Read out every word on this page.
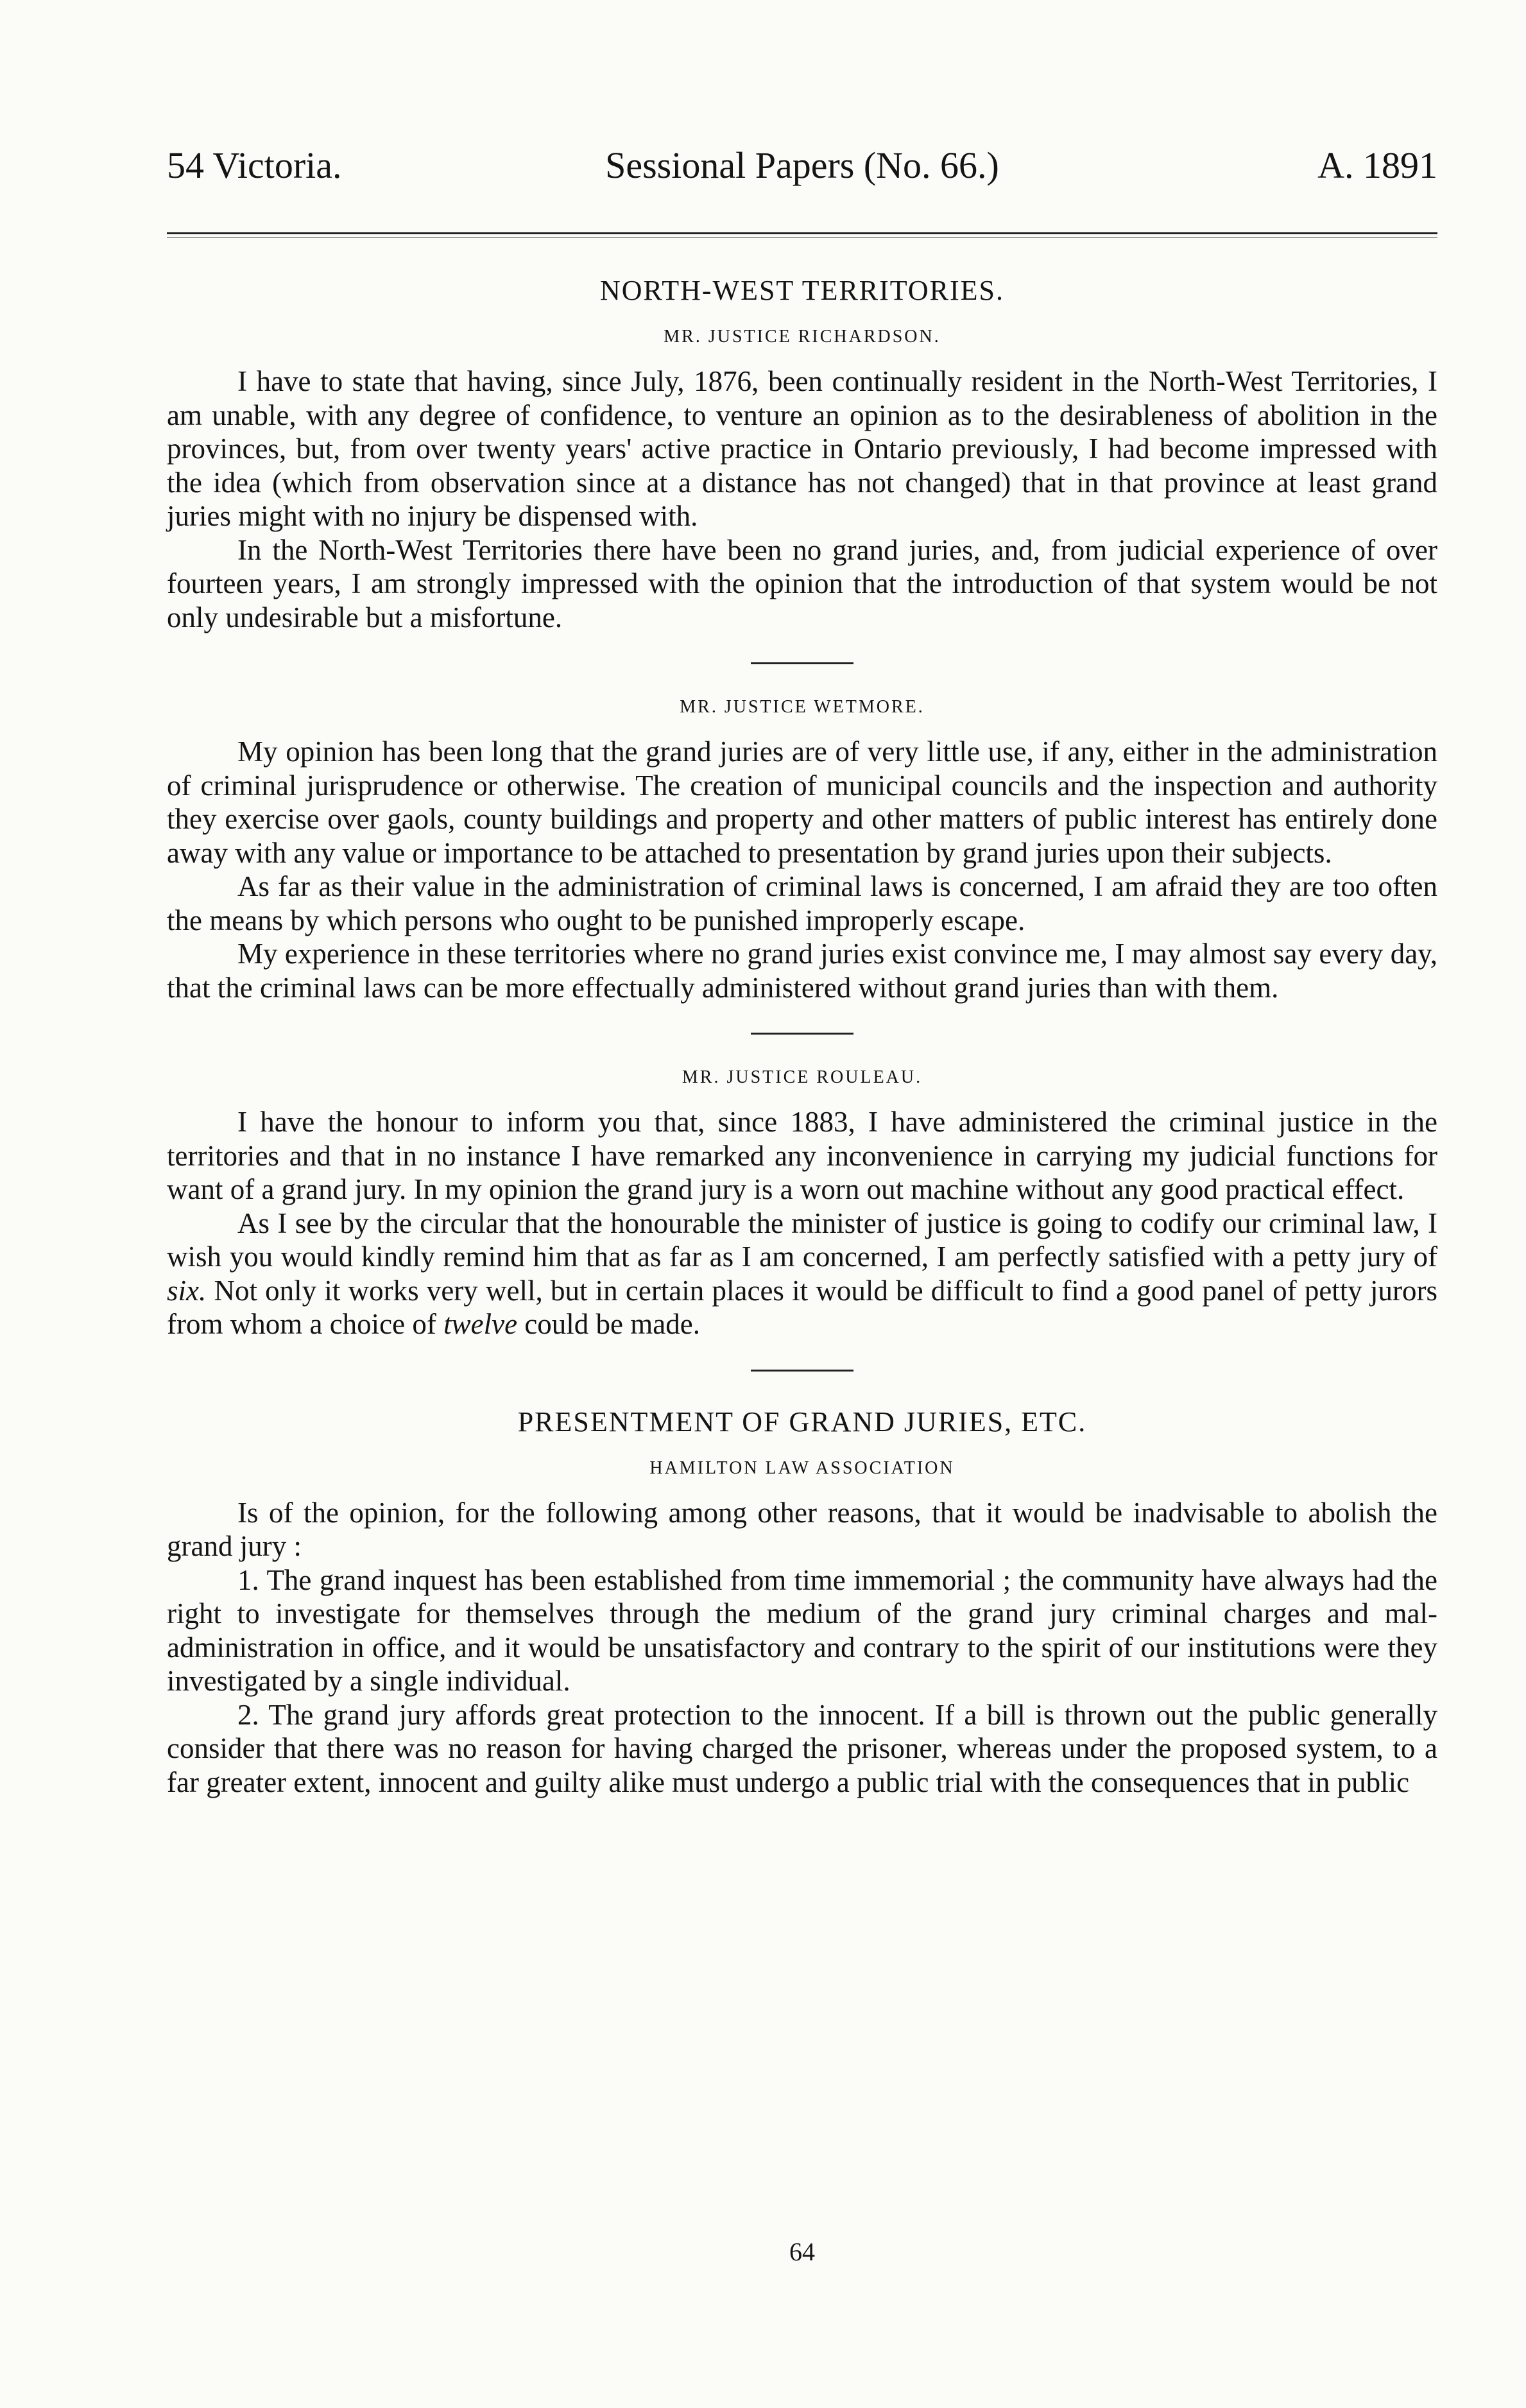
Sessional Papers (No. 66.)
54 Victoria.	A. 1891
NORTH-WEST TERRITORIES.
MR. JUSTICE RICHARDSON.

I have to state that having, since July, 1876, been continually resident in the North-West Territories, I am unable, with any degree of confidence, to venture an opinion as to the desirableness of abolition in the provinces, but, from over twenty years' active practice in Ontario previously, I had become impressed with the idea (which from observation since at a distance has not changed) that in that province at least grand juries might with no injury be dispensed with.

In the North-West Territories there have been no grand juries, and, from judicial experience of over fourteen years, I am strongly impressed with the opinion that the introduction of that system would be not only undesirable but a misfortune.

MR. JUSTICE WETMORE.

My opinion has been long that the grand juries are of very little use, if any, either in the administration of criminal jurisprudence or otherwise. The creation of municipal councils and the inspection and authority they exercise over gaols, county buildings and property and other matters of public interest has entirely done away with any value or importance to be attached to presentation by grand juries upon their subjects.

As far as their value in the administration of criminal laws is concerned, I am afraid they are too often the means by which persons who ought to be punished improperly escape.

My experience in these territories where no grand juries exist convince me, I may almost say every day, that the criminal laws can be more effectually administered without grand juries than with them.

MR. JUSTICE ROULEAU.

I have the honour to inform you that, since 1883, I have administered the criminal justice in the territories and that in no instance I have remarked any inconvenience in carrying my judicial functions for want of a grand jury. In my opinion the grand jury is a worn out machine without any good practical effect.

As I see by the circular that the honourable the minister of justice is going to codify our criminal law, I wish you would kindly remind him that as far as I am concerned, I am perfectly satisfied with a petty jury of six. Not only it works very well, but in certain places it would be difficult to find a good panel of petty jurors from whom a choice of twelve could be made.

PRESENTMENT OF GRAND JURIES, ETC.
HAMILTON LAW ASSOCIATION

Is of the opinion, for the following among other reasons, that it would be inadvisable to abolish the grand jury :

1. The grand inquest has been established from time immemorial ; the community have always had the right to investigate for themselves through the medium of the grand jury criminal charges and mal-administration in office, and it would be unsatisfactory and contrary to the spirit of our institutions were they investigated by a single individual.

2. The grand jury affords great protection to the innocent. If a bill is thrown out the public generally consider that there was no reason for having charged the prisoner, whereas under the proposed system, to a far greater extent, innocent and guilty alike must undergo a public trial with the consequences that in public

64
